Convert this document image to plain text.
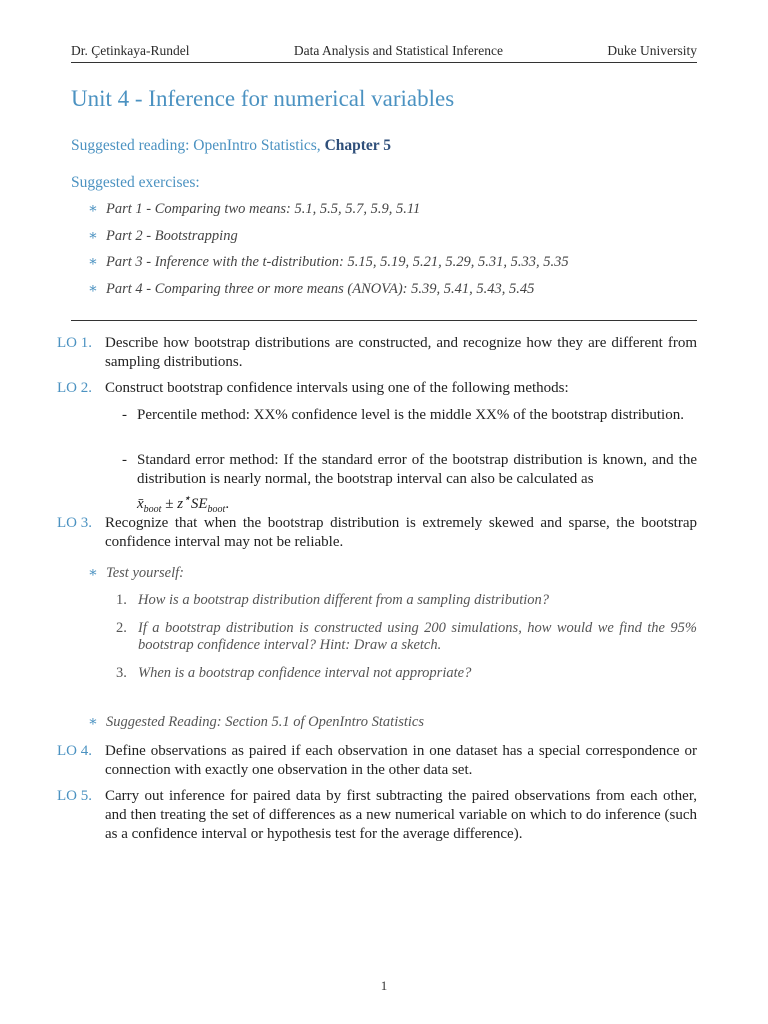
Dr. Çetinkaya-Rundel	Data Analysis and Statistical Inference	Duke University
Unit 4 - Inference for numerical variables
Suggested reading: OpenIntro Statistics, Chapter 5
Suggested exercises:
∗ Part 1 - Comparing two means: 5.1, 5.5, 5.7, 5.9, 5.11
∗ Part 2 - Bootstrapping
∗ Part 3 - Inference with the t-distribution: 5.15, 5.19, 5.21, 5.29, 5.31, 5.33, 5.35
∗ Part 4 - Comparing three or more means (ANOVA): 5.39, 5.41, 5.43, 5.45
LO 1. Describe how bootstrap distributions are constructed, and recognize how they are different from sampling distributions.
LO 2. Construct bootstrap confidence intervals using one of the following methods:
- Percentile method: XX% confidence level is the middle XX% of the bootstrap distribution.
- Standard error method: If the standard error of the bootstrap distribution is known, and the distribution is nearly normal, the bootstrap interval can also be calculated as
$x̄_{boot} \pm z^⋆SE_{boot}$.
LO 3. Recognize that when the bootstrap distribution is extremely skewed and sparse, the bootstrap confidence interval may not be reliable.
∗ Test yourself:
1. How is a bootstrap distribution different from a sampling distribution?
2. If a bootstrap distribution is constructed using 200 simulations, how would we find the 95% bootstrap confidence interval? Hint: Draw a sketch.
3. When is a bootstrap confidence interval not appropriate?
∗ Suggested Reading: Section 5.1 of OpenIntro Statistics
LO 4. Define observations as paired if each observation in one dataset has a special correspondence or connection with exactly one observation in the other data set.
LO 5. Carry out inference for paired data by first subtracting the paired observations from each other, and then treating the set of differences as a new numerical variable on which to do inference (such as a confidence interval or hypothesis test for the average difference).
1
